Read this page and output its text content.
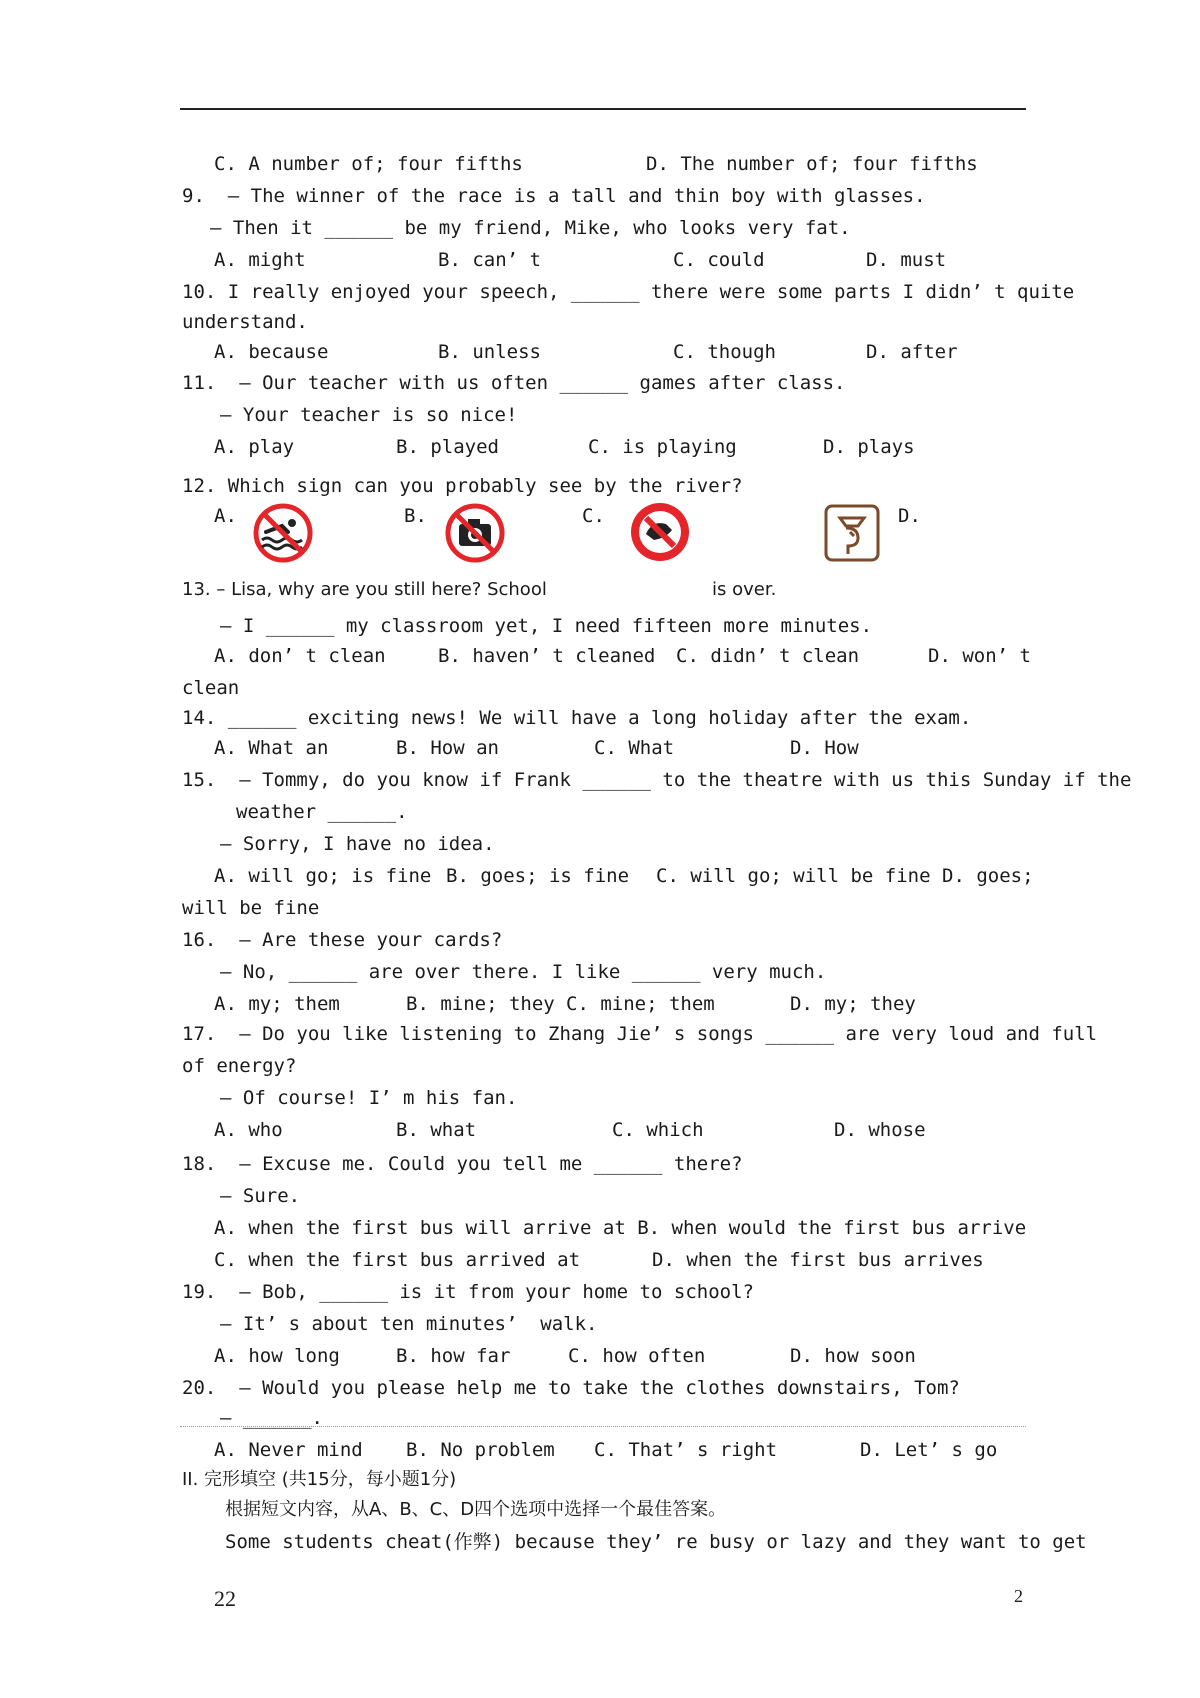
C. A number of; four fifths	D. The number of; four fifths
9.  – The winner of the race is a tall and thin boy with glasses.
– Then it ______ be my friend, Mike, who looks very fat.
A. might	B. can’ t	C. could	D. must
10. I really enjoyed your speech, ______ there were some parts I didn’ t quite
understand.
A. because	B. unless	C. though	D. after
11.  – Our teacher with us often ______ games after class.
– Your teacher is so nice!
A. play	B. played	C. is playing	D. plays
12. Which sign can you probably see by the river?
A.	B.	C.	D.
13. – Lisa, why are you still here? School	is over.
– I ______ my classroom yet, I need fifteen more minutes.
A. don’ t clean	B. haven’ t cleaned C. didn’ t clean	D. won’ t
clean
14. ______ exciting news! We will have a long holiday after the exam.
A. What an	B. How an	C. What	D. How
15.  – Tommy, do you know if Frank ______ to the theatre with us this Sunday if the
weather ______.
– Sorry, I have no idea.
A. will go; is fine B. goes; is fine C. will go; will be fine D. goes;
will be fine
16.  – Are these your cards?
– No, ______ are over there. I like ______ very much.
A. my; them	B. mine; they C. mine; them	D. my; they
17.  – Do you like listening to Zhang Jie’ s songs ______ are very loud and full
of energy?
– Of course! I’ m his fan.
A. who	B. what	C. which	D. whose
18.  – Excuse me. Could you tell me ______ there?
– Sure.
A. when the first bus will arrive at B. when would the first bus arrive
C. when the first bus arrived at	D. when the first bus arrives
19.  – Bob, ______ is it from your home to school?
– It’ s about ten minutes’  walk.
A. how long	B. how far	C. how often	D. how soon
20.  – Would you please help me to take the clothes downstairs, Tom?
– ______.
A. Never mind B. No problem C. That’ s right	D. Let’ s go
II. 完形填空 (共15分，每小题1分)
根据短文内容，从A、B、C、D四个选项中选择一个最佳答案。
Some students cheat(作弊) because they’ re busy or lazy and they want to get
22	2
